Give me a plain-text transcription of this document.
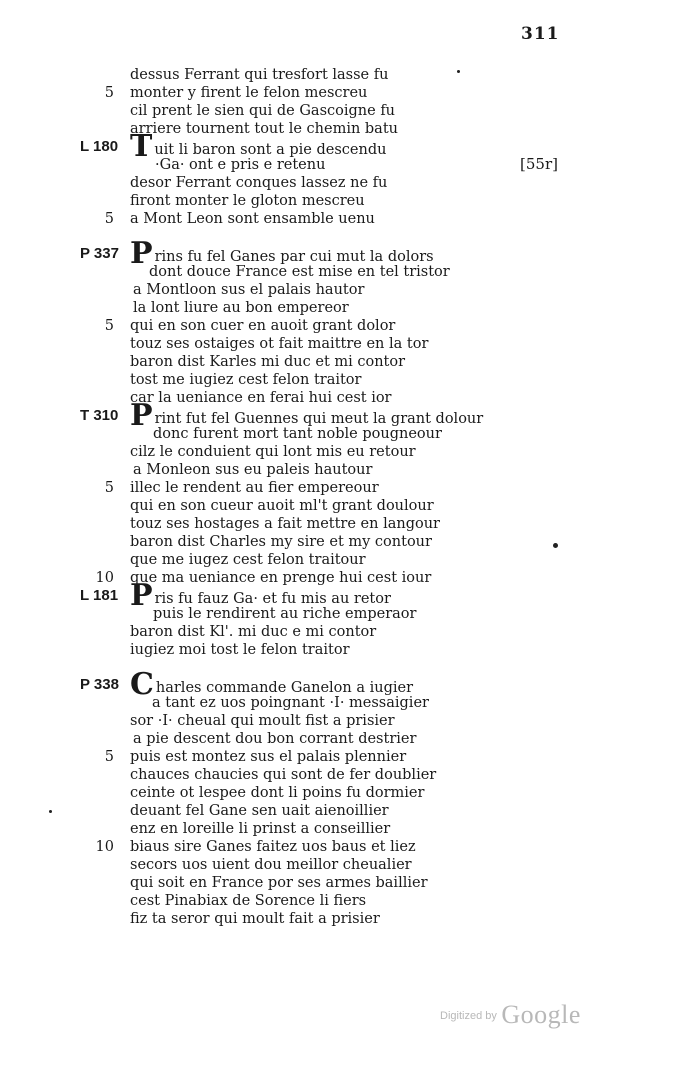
311
[55r]
dessus Ferrant qui tresfort lasse fu
5 monter y firent le felon mescreu
cil prent le sien qui de Gascoigne fu
arriere tournent tout le chemin batu
L 180 Tuit li baron sont a pie descendu
·Ga· ont e pris e retenu
desor Ferrant conques lassez ne fu
firont monter le gloton mescreu
5 a Mont Leon sont ensamble uenu
P 337 Prins fu fel Ganes par cui mut la dolors
dont douce France est mise en tel tristor
a Montloon sus el palais hautor
la lont liure au bon empereor
5 qui en son cuer en auoit grant dolor
touz ses ostaiges ot fait maittre en la tor
baron dist Karles mi duc et mi contor
tost me iugiez cest felon traitor
car la ueniance en ferai hui cest ior
T 310 Print fut fel Guennes qui meut la grant dolour
donc furent mort tant noble pougneour
cilz le conduient qui lont mis eu retour
a Monleon sus eu paleis hautour
5 illec le rendent au fier empereour
qui en son cueur auoit ml't grant doulour
touz ses hostages a fait mettre en langour
baron dist Charles my sire et my contour
que me iugez cest felon traitour
10 que ma ueniance en prenge hui cest iour
L 181 Pris fu fauz Ga· et fu mis au retor
puis le rendirent au riche emperaor
baron dist Kl'. mi duc e mi contor
iugiez moi tost le felon traitor
P 338 Charles commande Ganelon a iugier
a tant ez uos poingnant ·I· messaigier
sor ·I· cheual qui moult fist a prisier
a pie descent dou bon corrant destrier
5 puis est montez sus el palais plennier
chauces chaucies qui sont de fer doublier
ceinte ot lespee dont li poins fu dormier
deuant fel Gane sen uait aienoillier
enz en loreille li prinst a conseillier
10 biaus sire Ganes faitez uos baus et liez
secors uos uient dou meillor cheualier
qui soit en France por ses armes baillier
cest Pinabiax de Sorence li fiers
fiz ta seror qui moult fait a prisier
$^{Digitized by}$ Google
